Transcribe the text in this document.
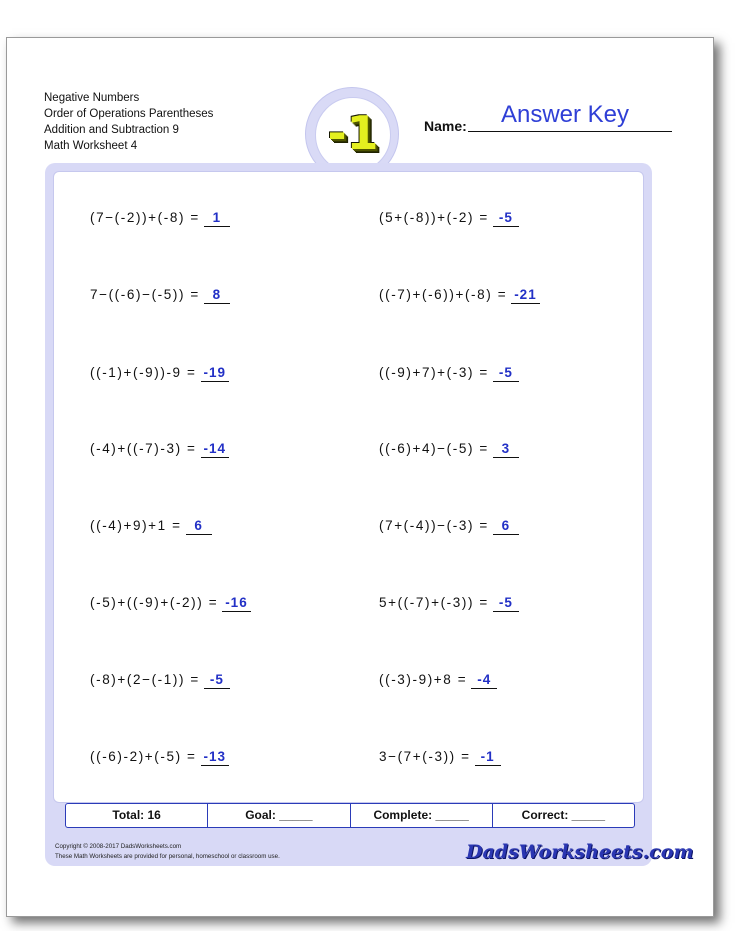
Negative Numbers
Order of Operations Parentheses
Addition and Subtraction 9
Math Worksheet 4	-1	Name:	Answer Key
(7−(-2))+(-8) = 1	(5+(-8))+(-2) = -5
7−((-6)−(-5)) = 8	((-7)+(-6))+(-8) = -21
((-1)+(-9))-9 = -19	((-9)+7)+(-3) = -5
(-4)+((-7)-3) = -14	((-6)+4)−(-5) = 3
((-4)+9)+1 = 6	(7+(-4))−(-3) = 6
(-5)+((-9)+(-2)) = -16	5+((-7)+(-3)) = -5
(-8)+(2−(-1)) = -5	((-3)-9)+8 = -4
((-6)-2)+(-5) = -13	3−(7+(-3)) = -1
Total: 16	Goal: _____	Complete: _____	Correct: _____
Copyright © 2008-2017 DadsWorksheets.com
These Math Worksheets are provided for personal, homeschool or classroom use.	DadsWorksheets.com
